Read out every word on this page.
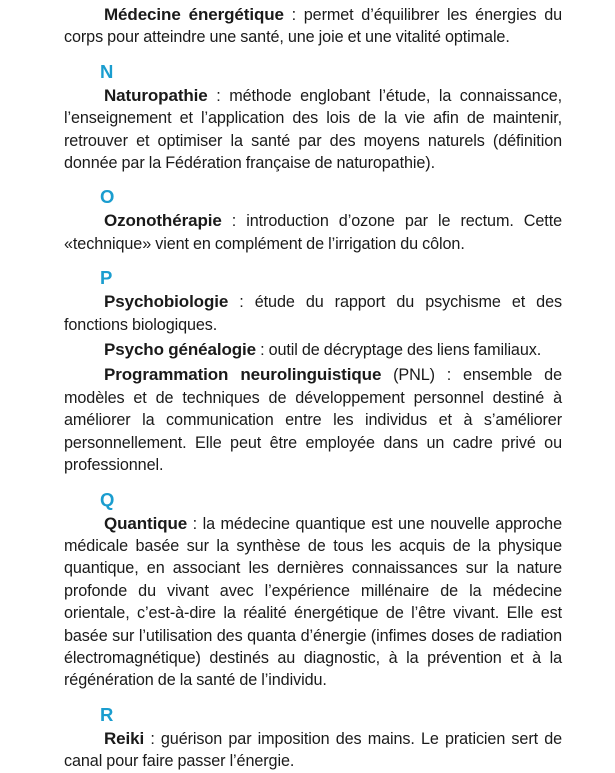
Médecine énergétique : permet d’équilibrer les énergies du corps pour atteindre une santé, une joie et une vitalité optimale.

N

Naturopathie : méthode englobant l’étude, la connaissance, l’enseignement et l’application des lois de la vie afin de maintenir, retrouver et optimiser la santé par des moyens naturels (définition donnée par la Fédération française de naturopathie).

O

Ozonothérapie : introduction d’ozone par le rectum. Cette «technique» vient en complément de l’irrigation du côlon.

P

Psychobiologie : étude du rapport du psychisme et des fonctions biologiques.

Psycho généalogie : outil de décryptage des liens familiaux.

Programmation neurolinguistique (PNL) : ensemble de modèles et de techniques de développement personnel destiné à améliorer la communication entre les individus et à s’améliorer personnellement. Elle peut être employée dans un cadre privé ou professionnel.

Q

Quantique : la médecine quantique est une nouvelle approche médicale basée sur la synthèse de tous les acquis de la physique quantique, en associant les dernières connaissances sur la nature profonde du vivant avec l’expérience millénaire de la médecine orientale, c’est-à-dire la réalité énergétique de l’être vivant. Elle est basée sur l’utilisation des quanta d’énergie (infimes doses de radiation électromagnétique) destinés au diagnostic, à la prévention et à la régénération de la santé de l’individu.

R

Reiki : guérison par imposition des mains. Le praticien sert de canal pour faire passer l’énergie.
